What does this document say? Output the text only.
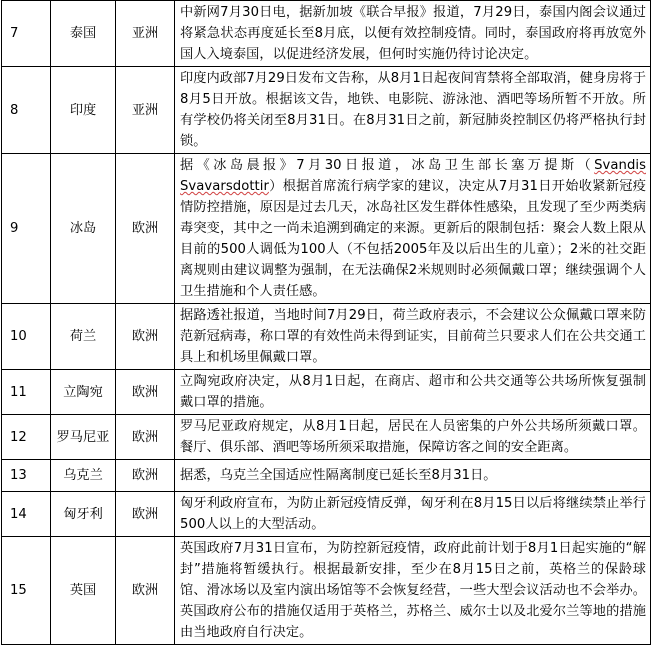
7	泰国	亚洲	中新网7月30日电，据新加坡《联合早报》报道，7月29日，泰国内阁会议通过将紧急状态再度延长至8月底，以便有效控制疫情。同时，泰国政府将再放宽外国人入境泰国，以促进经济发展，但何时实施仍待讨论决定。
8	印度	亚洲	印度内政部7月29日发布文告称，从8月1日起夜间宵禁将全部取消，健身房将于8月5日开放。根据该文告，地铁、电影院、游泳池、酒吧等场所暂不开放。所有学校仍将关闭至8月31日。在8月31日之前，新冠肺炎控制区仍将严格执行封锁。
9	冰岛	欧洲	据《冰岛晨报》7月30日报道，冰岛卫生部长塞万提斯（Svandis Svavarsdottir）根据首席流行病学家的建议，决定从7月31日开始收紧新冠疫情防控措施，原因是过去几天，冰岛社区发生群体性感染，且发现了至少两类病毒突变，其中之一尚未追溯到确定的来源。更新后的限制包括：聚会人数上限从目前的500人调低为100人（不包括2005年及以后出生的儿童）；2米的社交距离规则由建议调整为强制，在无法确保2米规则时必须佩戴口罩；继续强调个人卫生措施和个人责任感。
10	荷兰	欧洲	据路透社报道，当地时间7月29日，荷兰政府表示，不会建议公众佩戴口罩来防范新冠病毒，称口罩的有效性尚未得到证实，目前荷兰只要求人们在公共交通工具上和机场里佩戴口罩。
11	立陶宛	欧洲	立陶宛政府决定，从8月1日起，在商店、超市和公共交通等公共场所恢复强制戴口罩的措施。
12	罗马尼亚	欧洲	罗马尼亚政府规定，从8月1日起，居民在人员密集的户外公共场所须戴口罩。餐厅、俱乐部、酒吧等场所须采取措施，保障访客之间的安全距离。
13	乌克兰	欧洲	据悉，乌克兰全国适应性隔离制度已延长至8月31日。
14	匈牙利	欧洲	匈牙利政府宣布，为防止新冠疫情反弹，匈牙利在8月15日以后将继续禁止举行500人以上的大型活动。
15	英国	欧洲	英国政府7月31日宣布，为防控新冠疫情，政府此前计划于8月1日起实施的“解封”措施将暂缓执行。根据最新安排，至少在8月15日之前，英格兰的保龄球馆、滑冰场以及室内演出场馆等不会恢复经营，一些大型会议活动也不会举办。英国政府公布的措施仅适用于英格兰，苏格兰、威尔士以及北爱尔兰等地的措施由当地政府自行决定。
